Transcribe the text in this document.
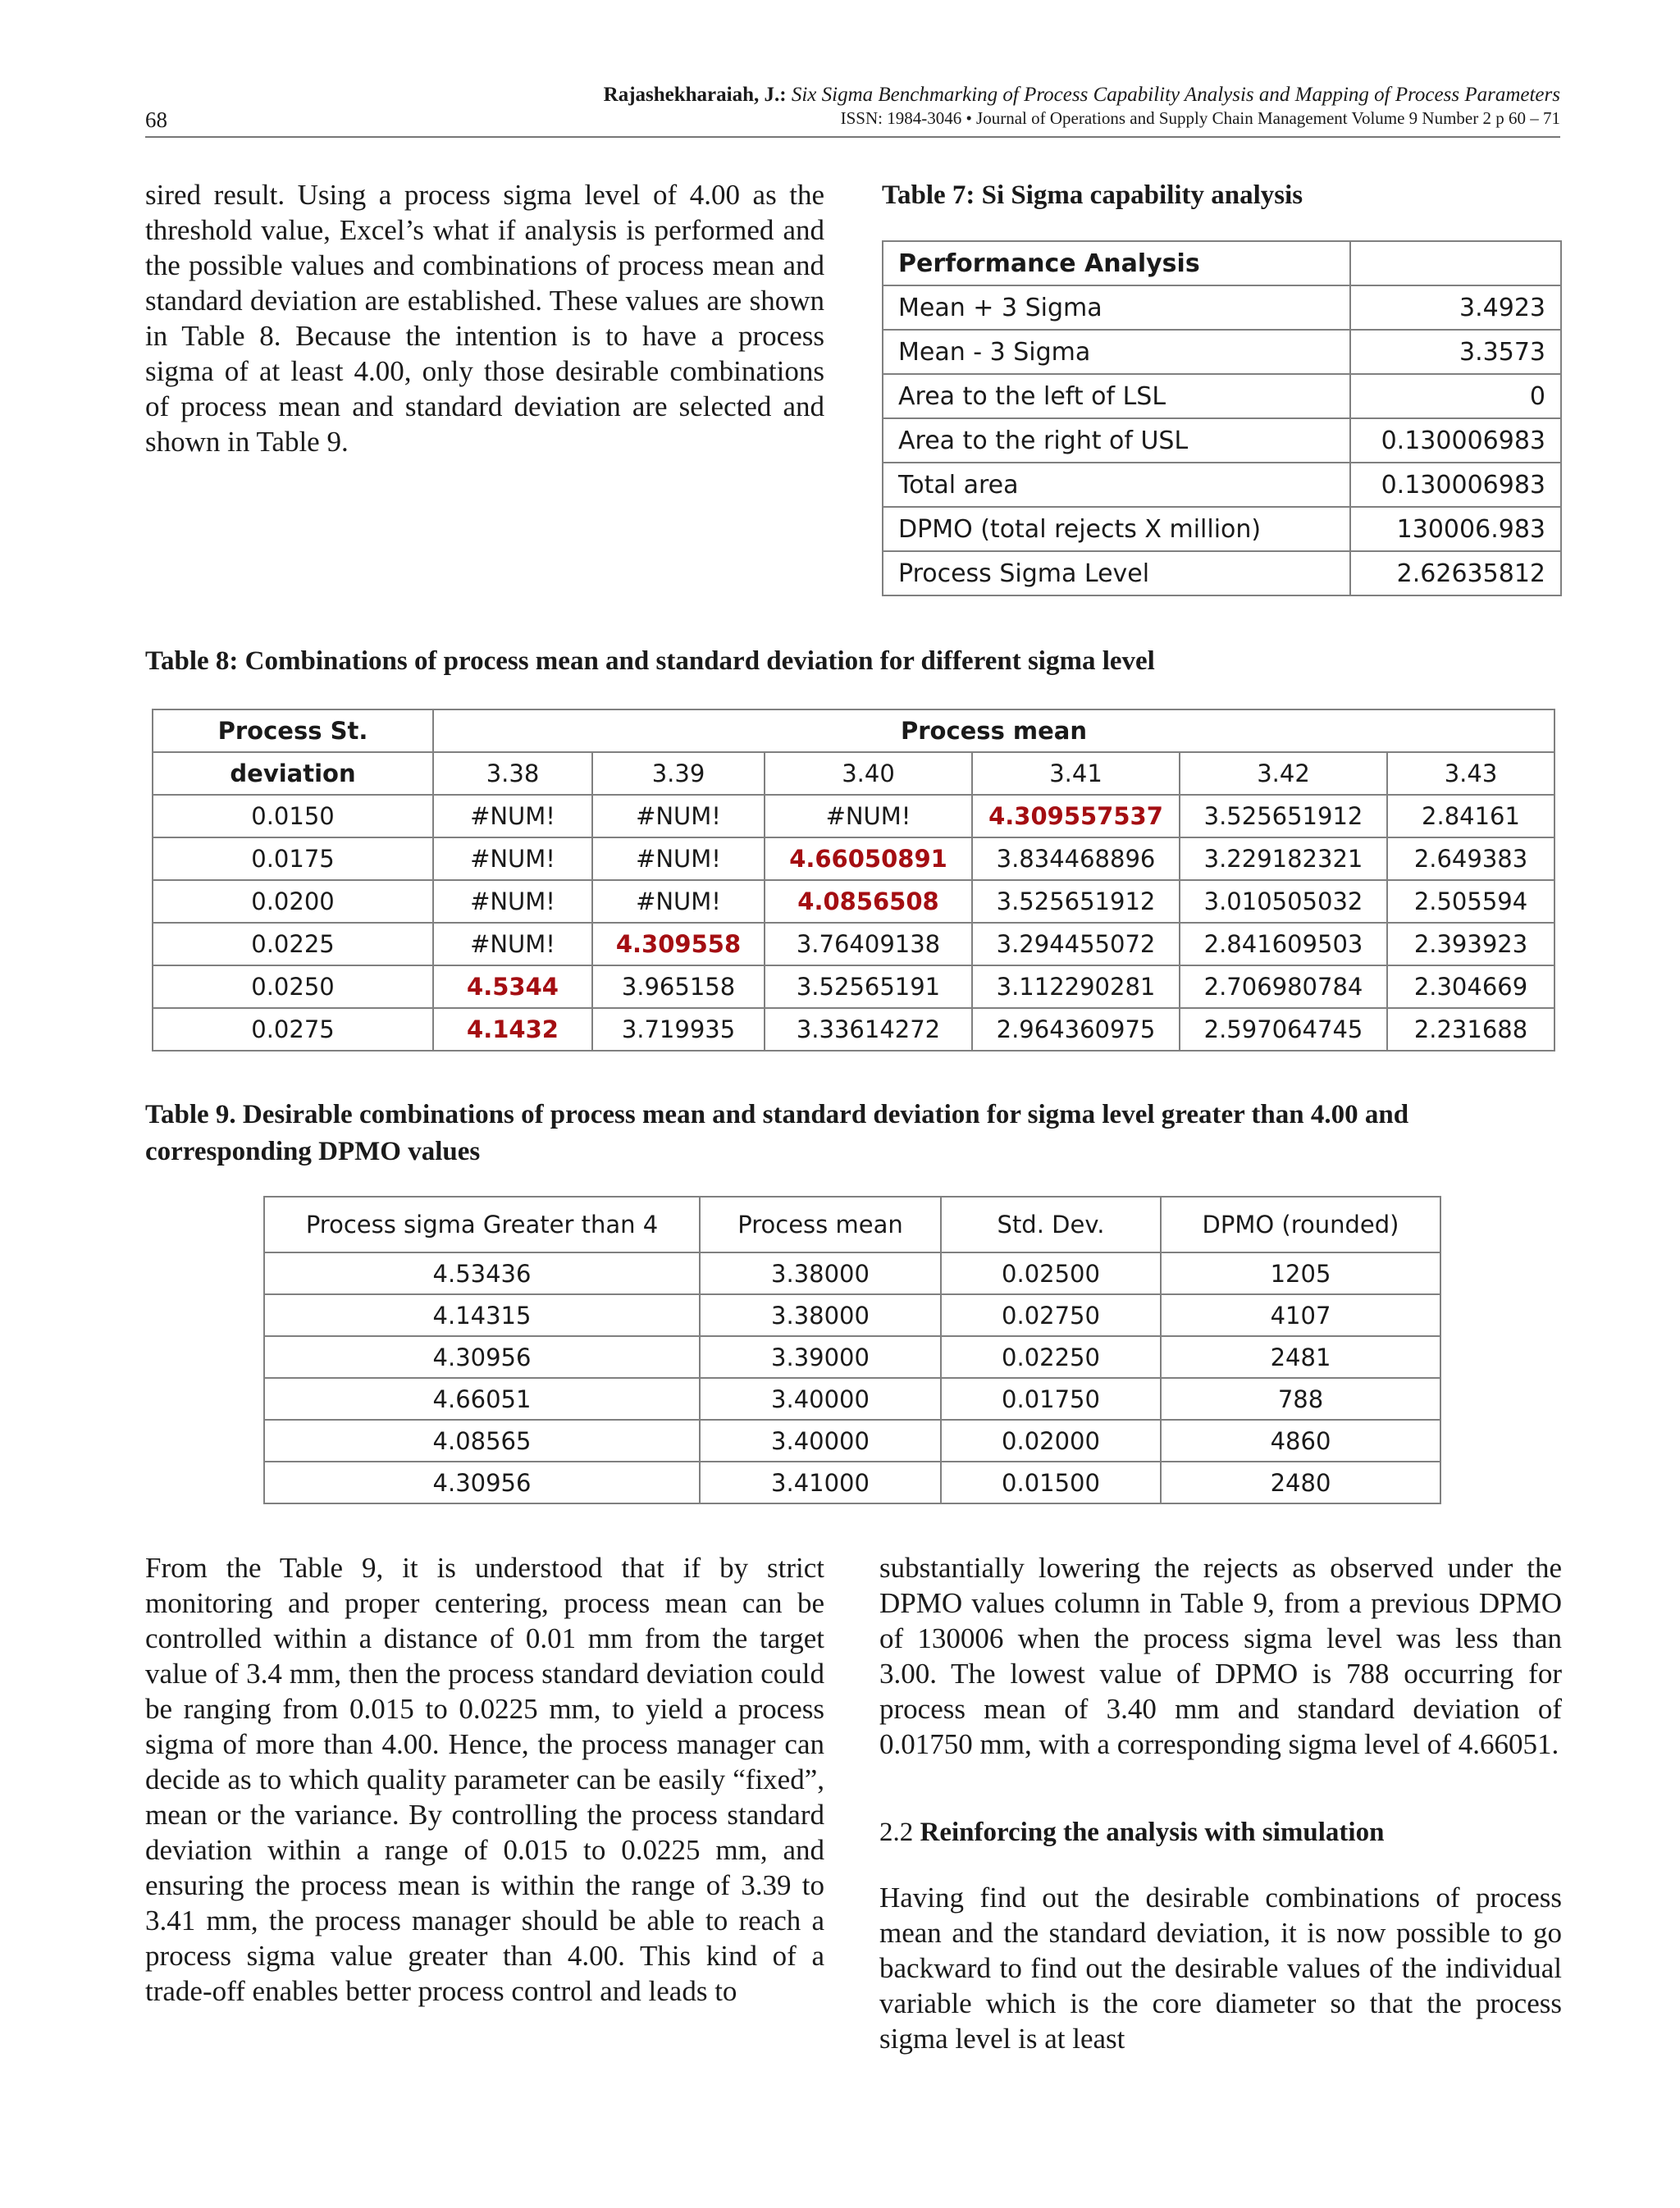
68
Rajashekharaiah, J.: Six Sigma Benchmarking of Process Capability Analysis and Mapping of Process Parameters
ISSN: 1984-3046 • Journal of Operations and Supply Chain Management Volume 9 Number 2 p 60 – 71

sired result. Using a process sigma level of 4.00 as the threshold value, Excel’s what if analysis is performed and the possible values and combinations of process mean and standard deviation are established. These values are shown in Table 8. Because the intention is to have a process sigma of at least 4.00, only those desirable combinations of process mean and standard deviation are selected and shown in Table 9.

Table 7: Si Sigma capability analysis
Performance Analysis	
Mean + 3 Sigma	3.4923
Mean - 3 Sigma	3.3573
Area to the left of LSL	0
Area to the right of USL	0.130006983
Total area	0.130006983
DPMO (total rejects X million)	130006.983
Process Sigma Level	2.62635812
Table 8: Combinations of process mean and standard deviation for different sigma level
Process St.	Process mean					
deviation	3.38	3.39	3.40	3.41	3.42	3.43
0.0150	#NUM!	#NUM!	#NUM!	4.309557537	3.525651912	2.84161
0.0175	#NUM!	#NUM!	4.66050891	3.834468896	3.229182321	2.649383
0.0200	#NUM!	#NUM!	4.0856508	3.525651912	3.010505032	2.505594
0.0225	#NUM!	4.309558	3.76409138	3.294455072	2.841609503	2.393923
0.0250	4.5344	3.965158	3.52565191	3.112290281	2.706980784	2.304669
0.0275	4.1432	3.719935	3.33614272	2.964360975	2.597064745	2.231688
Table 9. Desirable combinations of process mean and standard deviation for sigma level greater than 4.00 and corresponding DPMO values
Process sigma Greater than 4	Process mean	Std. Dev.	DPMO (rounded)
4.53436	3.38000	0.02500	1205
4.14315	3.38000	0.02750	4107
4.30956	3.39000	0.02250	2481
4.66051	3.40000	0.01750	788
4.08565	3.40000	0.02000	4860
4.30956	3.41000	0.01500	2480

From the Table 9, it is understood that if by strict monitoring and proper centering, process mean can be controlled within a distance of 0.01 mm from the target value of 3.4 mm, then the process standard deviation could be ranging from 0.015 to 0.0225 mm, to yield a process sigma of more than 4.00. Hence, the process manager can decide as to which quality parameter can be easily “fixed”, mean or the variance. By controlling the process standard deviation within a range of 0.015 to 0.0225 mm, and ensuring the process mean is within the range of 3.39 to 3.41 mm, the process manager should be able to reach a process sigma value greater than 4.00. This kind of a trade-off enables better process control and leads to

substantially lowering the rejects as observed under the DPMO values column in Table 9, from a previous DPMO of 130006 when the process sigma level was less than 3.00. The lowest value of DPMO is 788 occurring for process mean of 3.40 mm and standard deviation of 0.01750 mm, with a corresponding sigma level of 4.66051.

2.2 Reinforcing the analysis with simulation

Having find out the desirable combinations of process mean and the standard deviation, it is now possible to go backward to find out the desirable values of the individual variable which is the core diameter so that the process sigma level is at least
